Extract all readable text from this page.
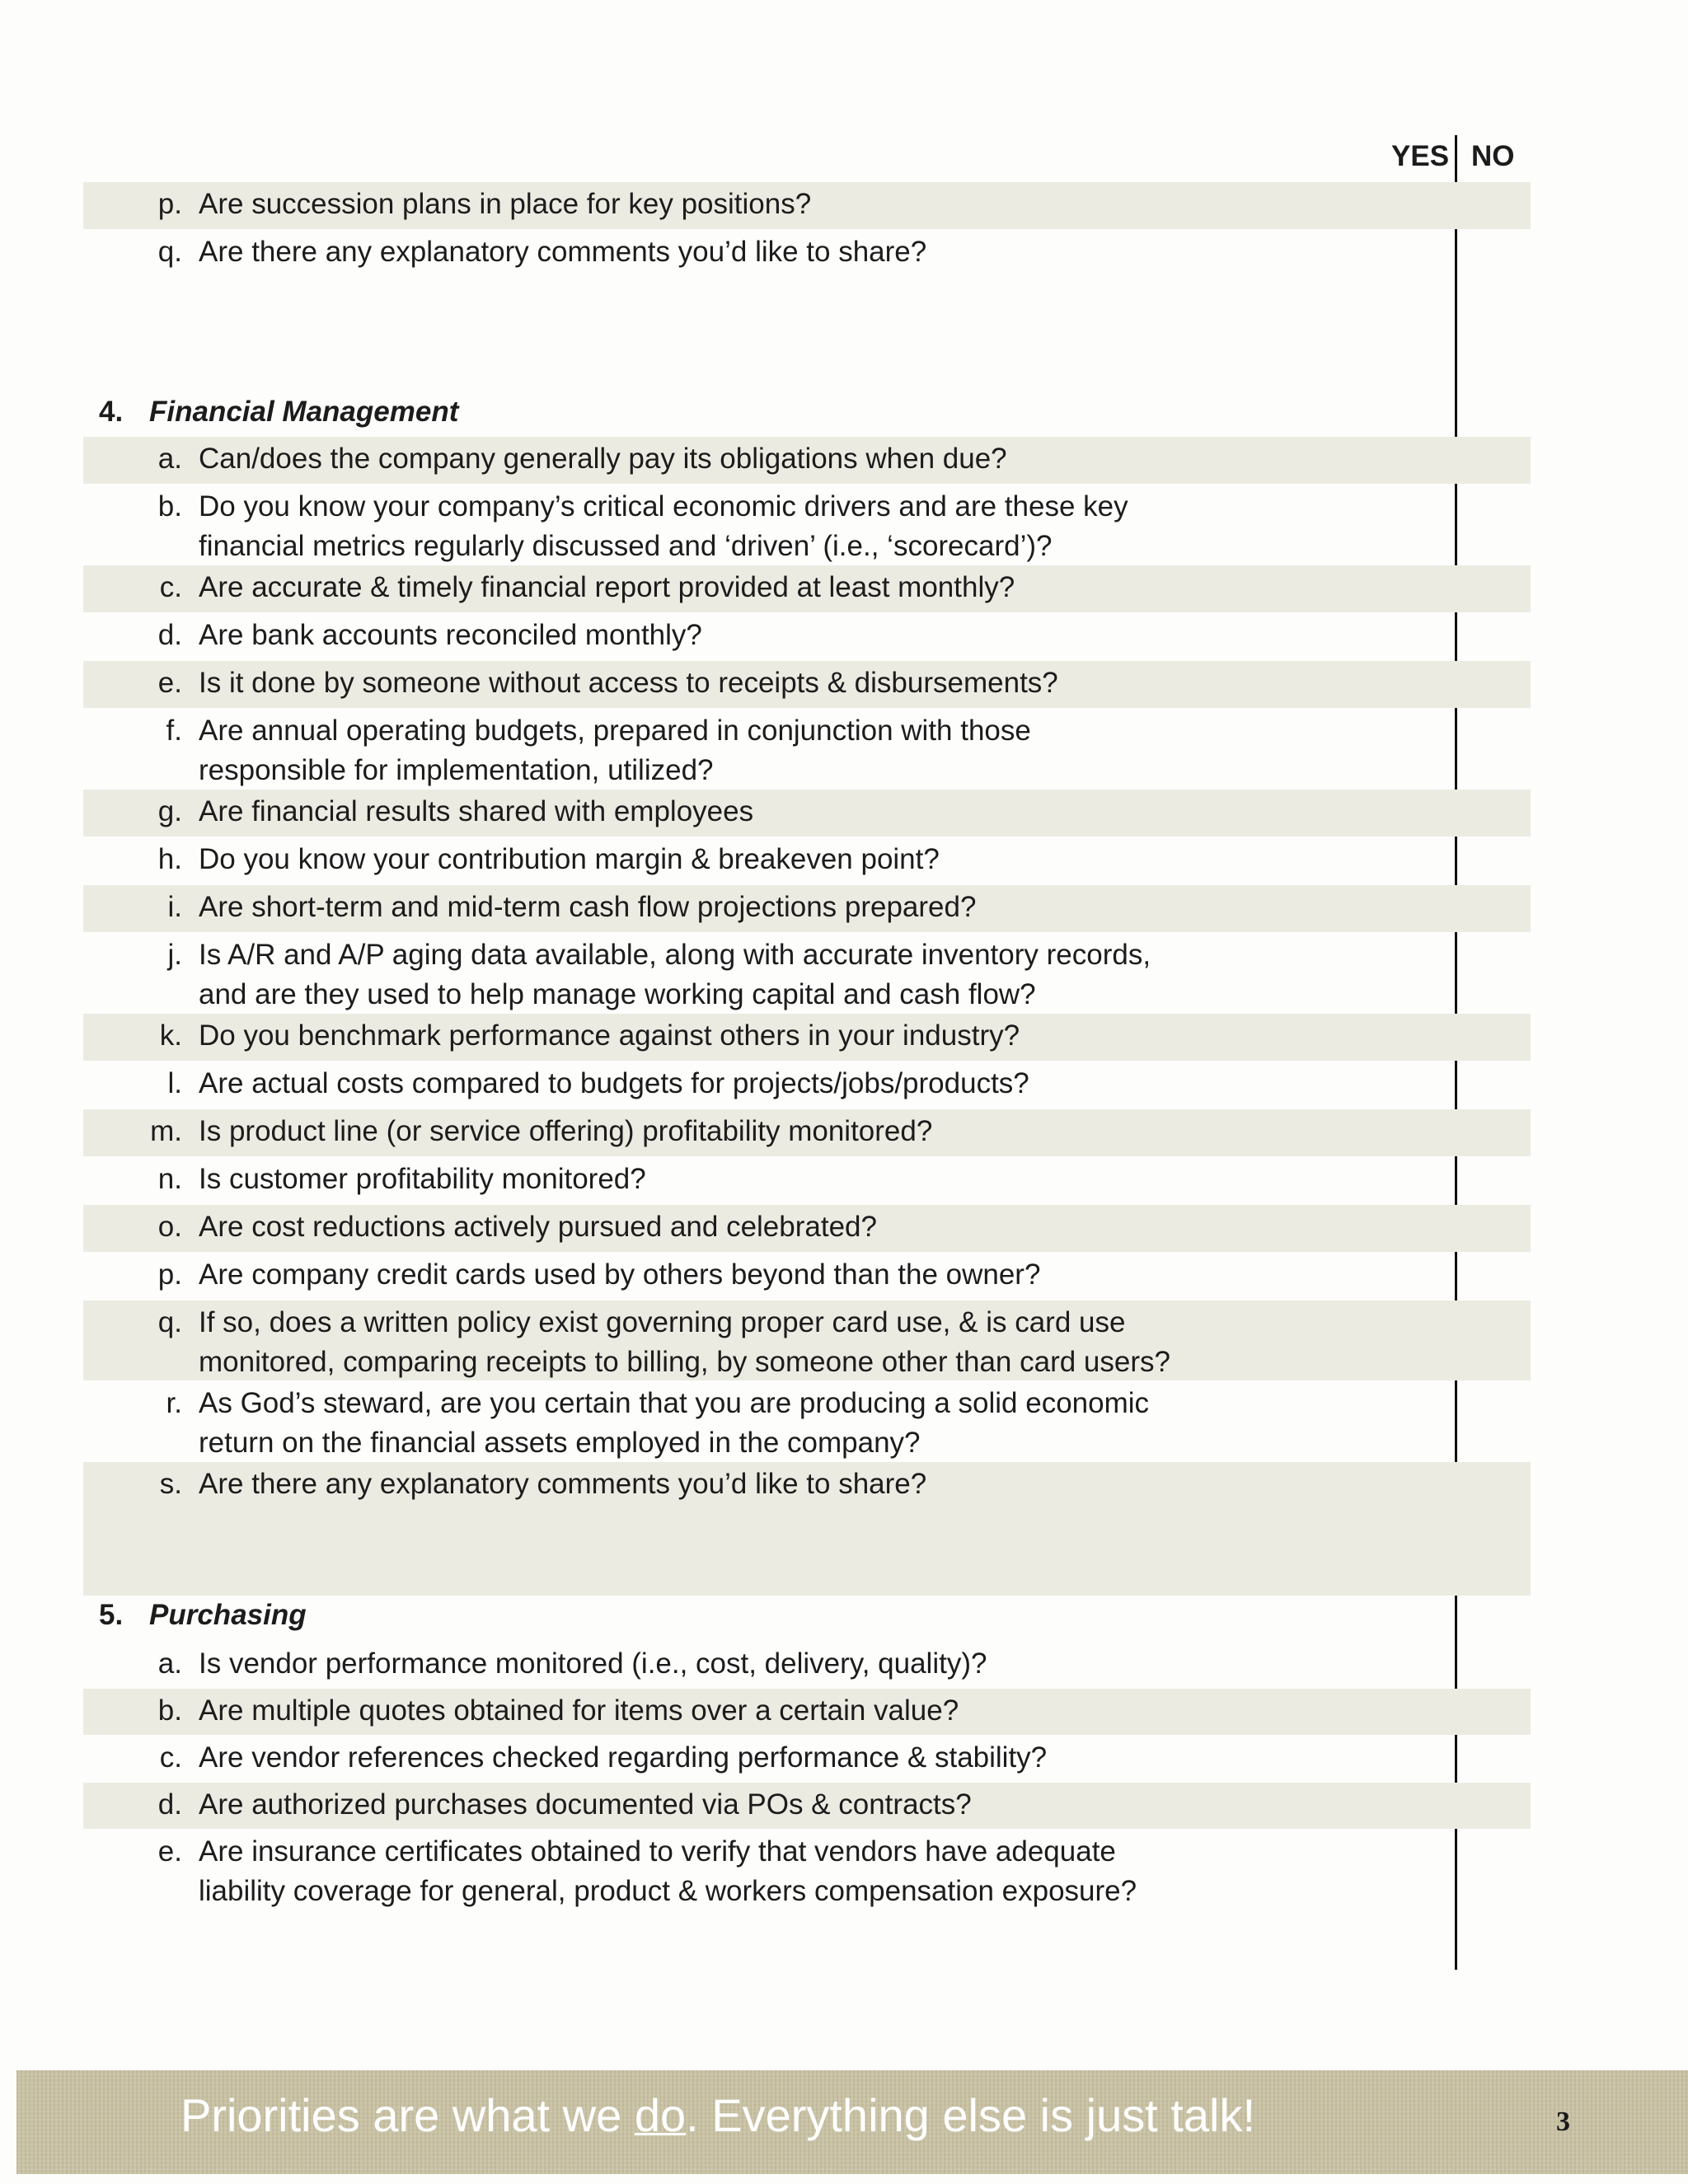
YES NO
p. Are succession plans in place for key positions?
q. Are there any explanatory comments you’d like to share?
4. Financial Management
a. Can/does the company generally pay its obligations when due?
b. Do you know your company’s critical economic drivers and are these key
financial metrics regularly discussed and ‘driven’ (i.e., ‘scorecard’)?
c. Are accurate & timely financial report provided at least monthly?
d. Are bank accounts reconciled monthly?
e. Is it done by someone without access to receipts & disbursements?
f. Are annual operating budgets, prepared in conjunction with those
responsible for implementation, utilized?
g. Are financial results shared with employees
h. Do you know your contribution margin & breakeven point?
i. Are short-term and mid-term cash flow projections prepared?
j. Is A/R and A/P aging data available, along with accurate inventory records,
and are they used to help manage working capital and cash flow?
k. Do you benchmark performance against others in your industry?
l. Are actual costs compared to budgets for projects/jobs/products?
m. Is product line (or service offering) profitability monitored?
n. Is customer profitability monitored?
o. Are cost reductions actively pursued and celebrated?
p. Are company credit cards used by others beyond than the owner?
q. If so, does a written policy exist governing proper card use, & is card use
monitored, comparing receipts to billing, by someone other than card users?
r. As God’s steward, are you certain that you are producing a solid economic
return on the financial assets employed in the company?
s. Are there any explanatory comments you’d like to share?
5. Purchasing
a. Is vendor performance monitored (i.e., cost, delivery, quality)?
b. Are multiple quotes obtained for items over a certain value?
c. Are vendor references checked regarding performance & stability?
d. Are authorized purchases documented via POs & contracts?
e. Are insurance certificates obtained to verify that vendors have adequate
liability coverage for general, product & workers compensation exposure?
Priorities are what we do. Everything else is just talk!	3
